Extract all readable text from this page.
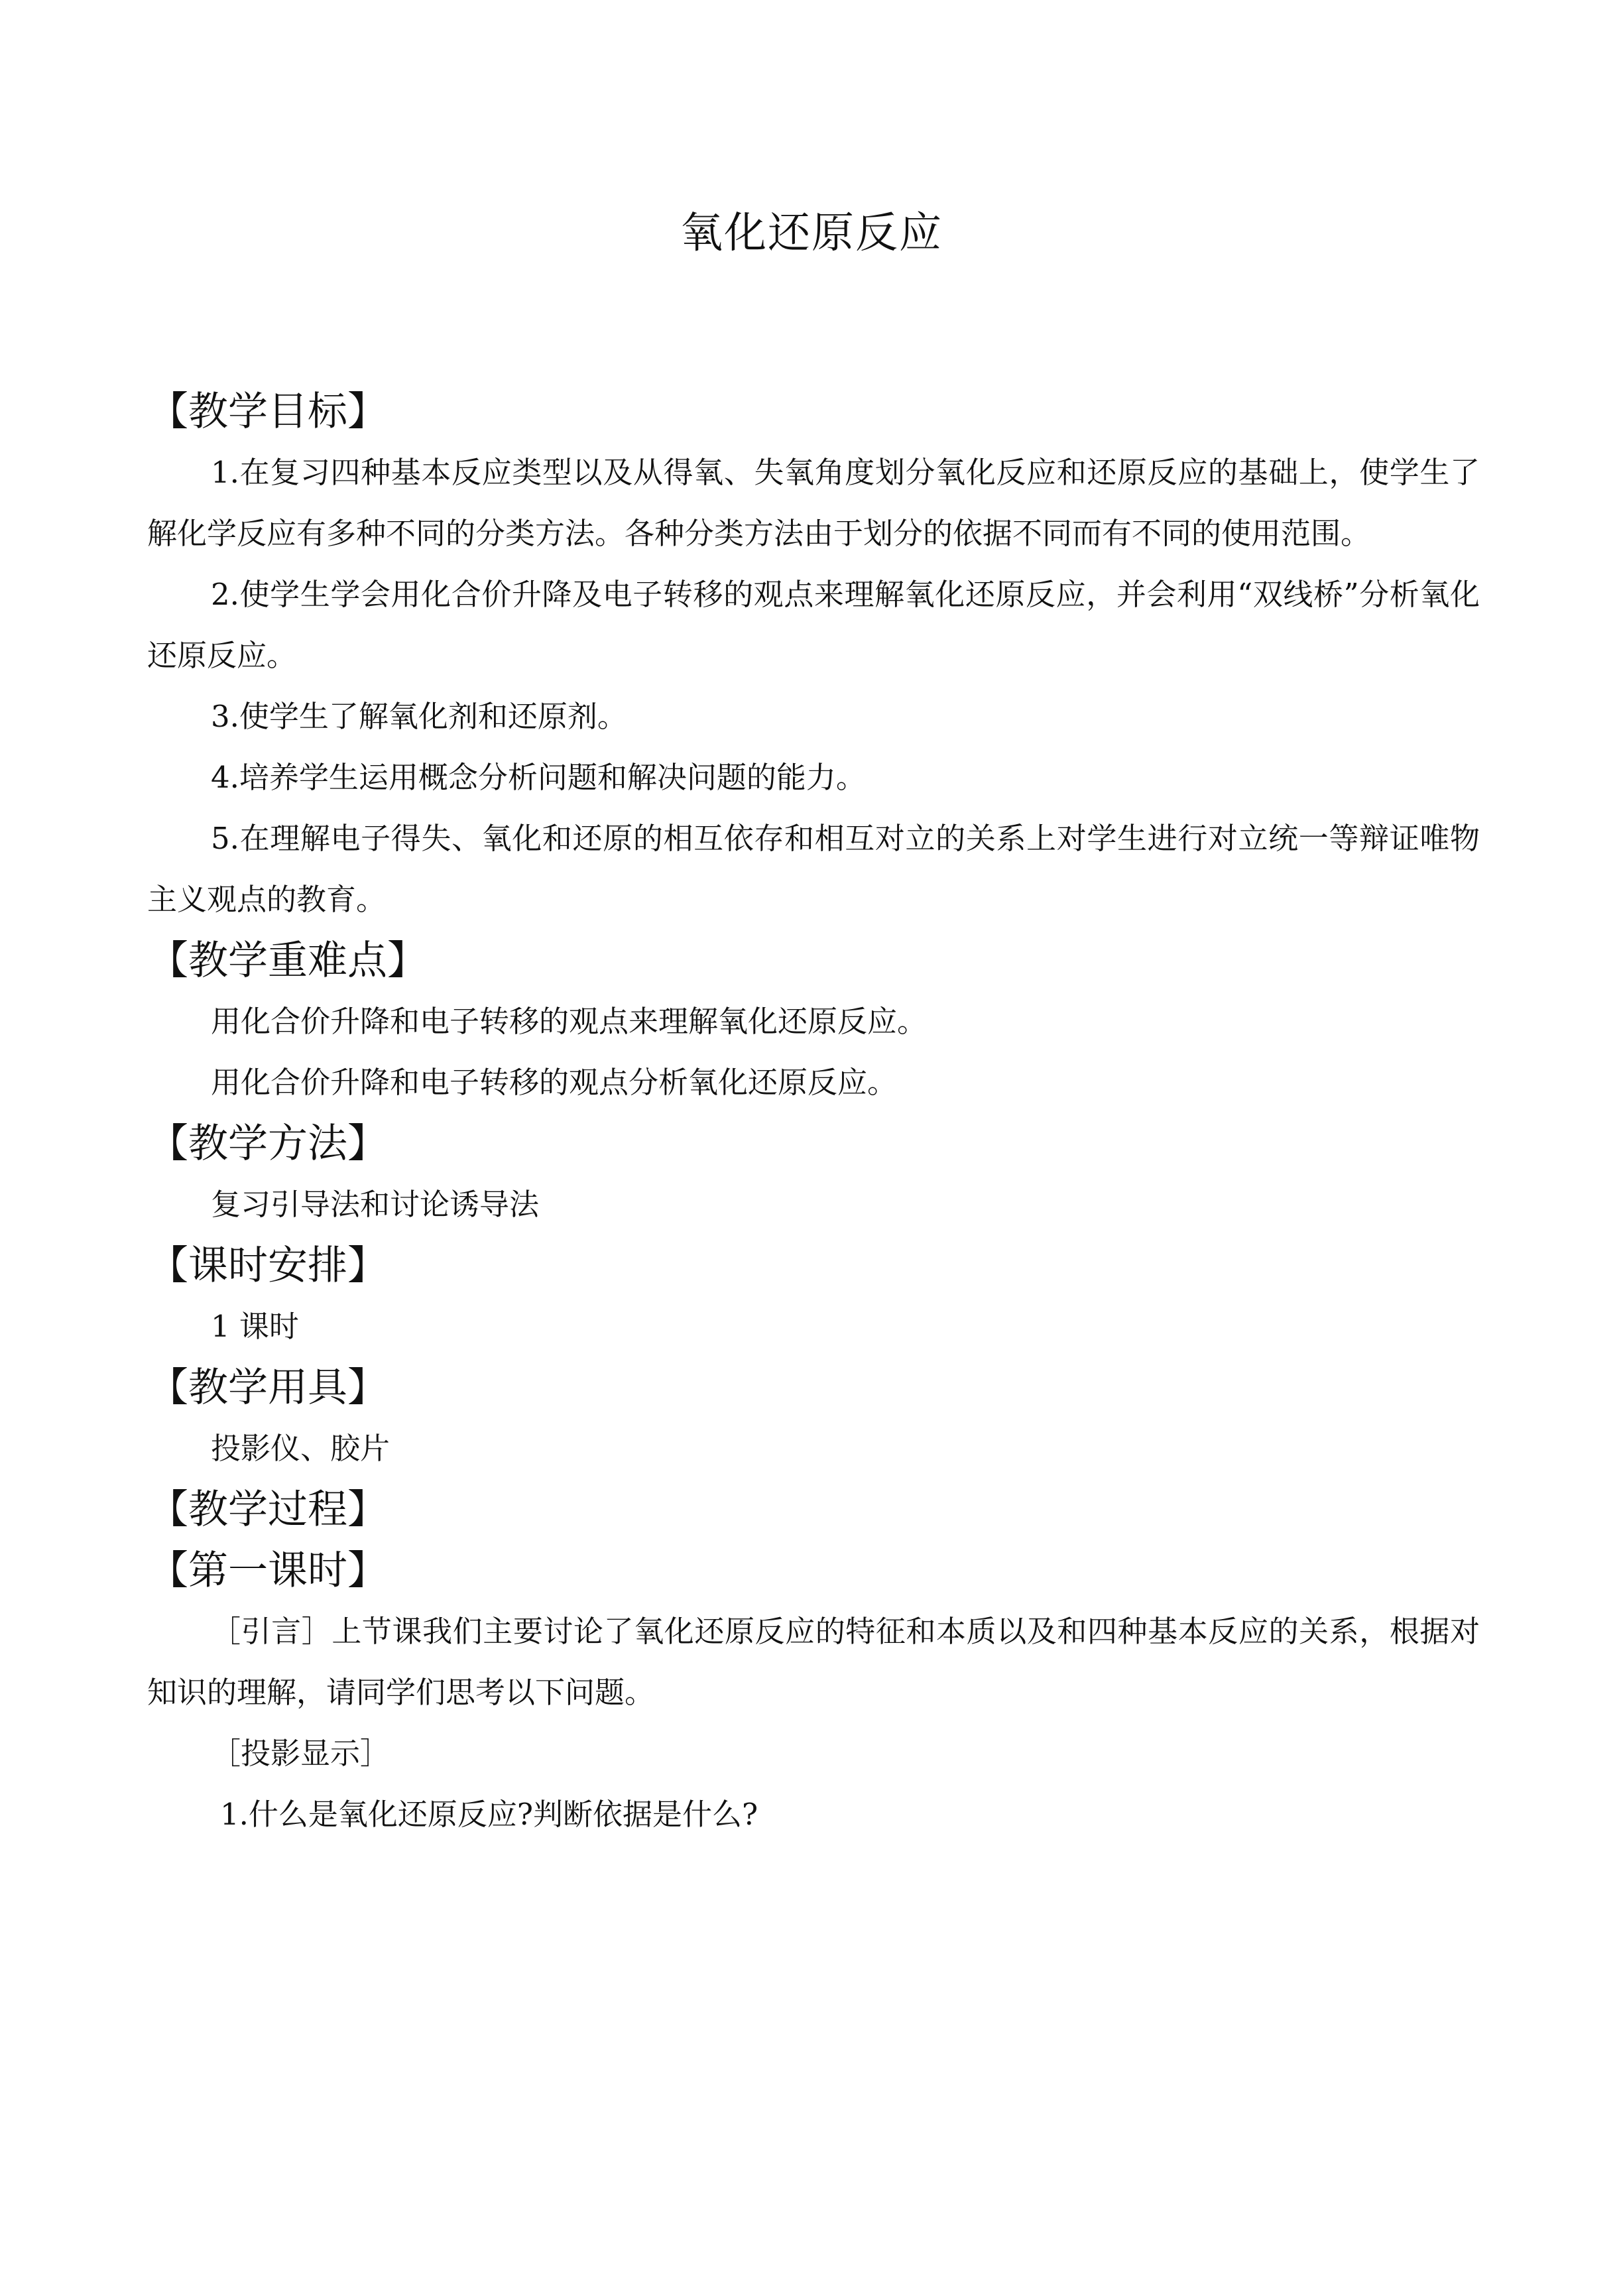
氧化还原反应
【教学目标】

1.在复习四种基本反应类型以及从得氧、失氧角度划分氧化反应和还原反应的基础上，使学生了解化学反应有多种不同的分类方法。各种分类方法由于划分的依据不同而有不同的使用范围。

2.使学生学会用化合价升降及电子转移的观点来理解氧化还原反应，并会利用“双线桥”分析氧化还原反应。

3.使学生了解氧化剂和还原剂。

4.培养学生运用概念分析问题和解决问题的能力。

5.在理解电子得失、氧化和还原的相互依存和相互对立的关系上对学生进行对立统一等辩证唯物主义观点的教育。

【教学重难点】

用化合价升降和电子转移的观点来理解氧化还原反应。

用化合价升降和电子转移的观点分析氧化还原反应。

【教学方法】

复习引导法和讨论诱导法

【课时安排】

1 课时

【教学用具】

投影仪、胶片

【教学过程】
【第一课时】

［引言］上节课我们主要讨论了氧化还原反应的特征和本质以及和四种基本反应的关系，根据对知识的理解，请同学们思考以下问题。

［投影显示］

1.什么是氧化还原反应?判断依据是什么?
